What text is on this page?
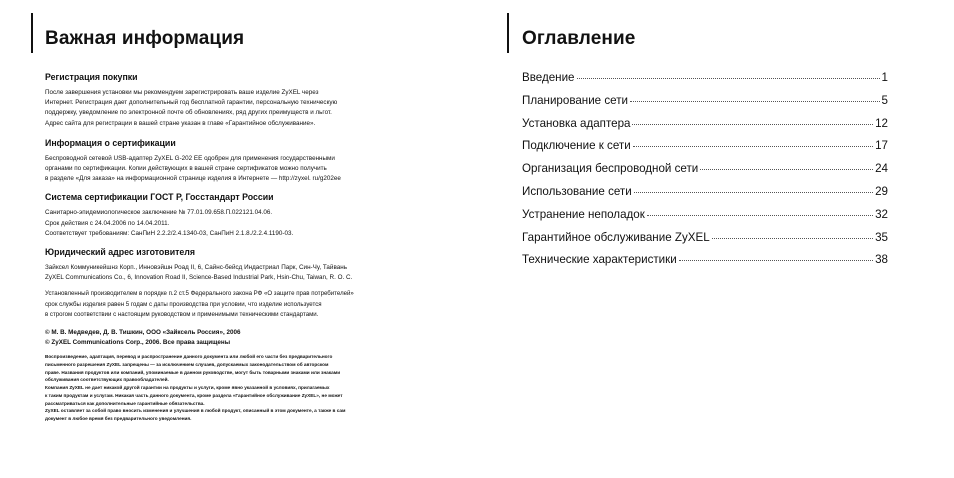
Важная информация
Регистрация покупки

После завершения установки мы рекомендуем зарегистрировать ваше изделие ZyXEL через
Интернет. Регистрация дает дополнительный год бесплатной гарантии, персональную техническую
поддержку, уведомление по электронной почте об обновлениях, ряд других преимуществ и льгот.
Адрес сайта для регистрации в вашей стране указан в главе «Гарантийное обслуживание».

Информация о сертификации

Беспроводной сетевой USB-адаптер ZyXEL G-202 EE одобрен для применения государственными
органами по сертификации. Копии действующих в вашей стране сертификатов можно получить
в разделе «Для заказа» на информационной странице изделия в Интернете — http://zyxel. ru/g202ee

Система сертификации ГОСТ Р, Госстандарт России

Санитарно-эпидемиологическое заключение № 77.01.09.658.П.022121.04.06.
Срок действия с 24.04.2006 по 14.04.2011.
Соответствует требованиям: СанПиН 2.2.2/2.4.1340-03, СанПиН 2.1.8./2.2.4.1190-03.

Юридический адрес изготовителя

Зайксел Коммуникейшнз Корп., Инновэйшн Роад II, 6, Сайнс-бейсд Индастриал Парк, Син-Чу, Тайвань
ZyXEL Communications Co., 6, Innovation Road II, Science-Based Industrial Park, Hsin-Chu, Taiwan, R. O. C.

Установленный производителем в порядке п.2 ст.5 Федерального закона РФ «О защите прав потребителей»
срок службы изделия равен 5 годам с даты производства при условии, что изделие используется
в строгом соответствии с настоящим руководством и применимыми техническими стандартами.

© М. В. Медведев, Д. В. Тишкин, ООО «Зайксель Россия», 2006
© ZyXEL Communications Corp., 2006. Все права защищены

Воспроизведение, адаптация, перевод и распространение данного документа или любой его части без предварительного
письменного разрешения ZyXEL запрещены — за исключением случаев, допускаемых законодательством об авторском
праве. Названия продуктов или компаний, упоминаемые в данном руководстве, могут быть товарными знаками или знаками
обслуживания соответствующих правообладателей.
Компания ZyXEL не дает никакой другой гарантии на продукты и услуги, кроме явно указанной в условиях, прилагаемых
к таким продуктам и услугам. Никакая часть данного документа, кроме раздела «Гарантийное обслуживание ZyXEL», не может
рассматриваться как дополнительные гарантийные обязательства.
ZyXEL оставляет за собой право вносить изменения и улучшения в любой продукт, описанный в этом документе, а также в сам
документ в любое время без предварительного уведомления.

Оглавление
Введение	1
Планирование сети	5
Установка адаптера	12
Подключение к сети	17
Организация беспроводной сети	24
Использование сети	29
Устранение неполадок	32
Гарантийное обслуживание ZyXEL	35
Технические характеристики	38
